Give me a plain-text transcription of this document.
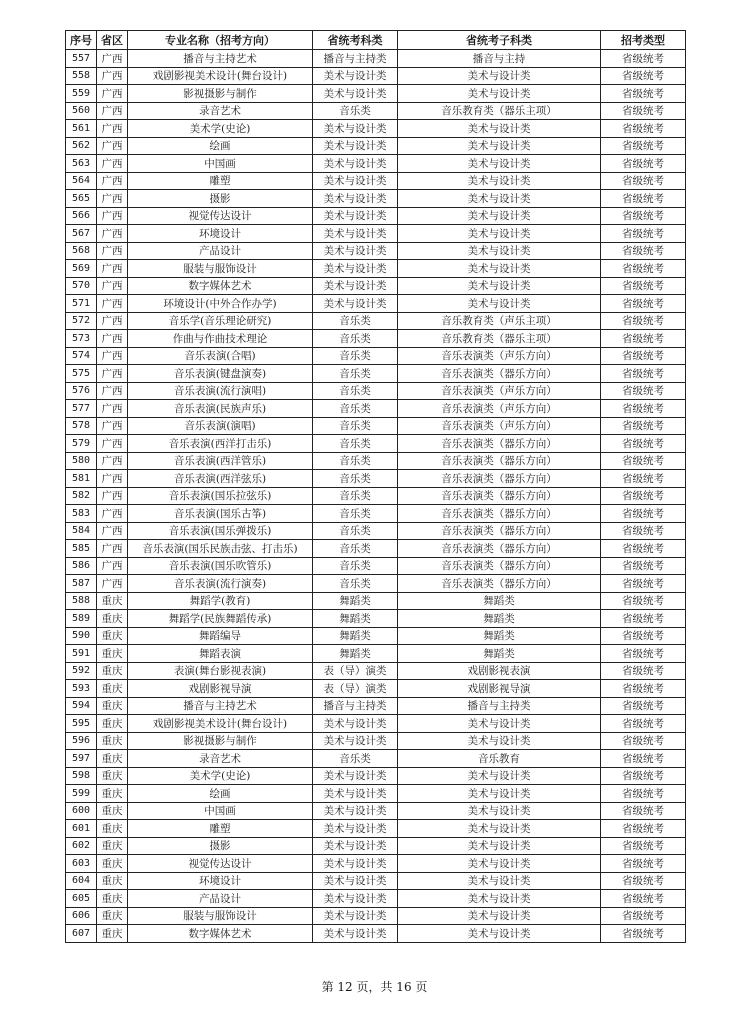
序号	省区	专业名称（招考方向）	省统考科类	省统考子科类	招考类型
557	广西	播音与主持艺术	播音与主持类	播音与主持	省级统考
558	广西	戏剧影视美术设计(舞台设计)	美术与设计类	美术与设计类	省级统考
559	广西	影视摄影与制作	美术与设计类	美术与设计类	省级统考
560	广西	录音艺术	音乐类	音乐教育类（器乐主项）	省级统考
561	广西	美术学(史论)	美术与设计类	美术与设计类	省级统考
562	广西	绘画	美术与设计类	美术与设计类	省级统考
563	广西	中国画	美术与设计类	美术与设计类	省级统考
564	广西	雕塑	美术与设计类	美术与设计类	省级统考
565	广西	摄影	美术与设计类	美术与设计类	省级统考
566	广西	视觉传达设计	美术与设计类	美术与设计类	省级统考
567	广西	环境设计	美术与设计类	美术与设计类	省级统考
568	广西	产品设计	美术与设计类	美术与设计类	省级统考
569	广西	服装与服饰设计	美术与设计类	美术与设计类	省级统考
570	广西	数字媒体艺术	美术与设计类	美术与设计类	省级统考
571	广西	环境设计(中外合作办学)	美术与设计类	美术与设计类	省级统考
572	广西	音乐学(音乐理论研究)	音乐类	音乐教育类（声乐主项）	省级统考
573	广西	作曲与作曲技术理论	音乐类	音乐教育类（器乐主项）	省级统考
574	广西	音乐表演(合唱)	音乐类	音乐表演类（声乐方向）	省级统考
575	广西	音乐表演(键盘演奏)	音乐类	音乐表演类（器乐方向）	省级统考
576	广西	音乐表演(流行演唱)	音乐类	音乐表演类（声乐方向）	省级统考
577	广西	音乐表演(民族声乐)	音乐类	音乐表演类（声乐方向）	省级统考
578	广西	音乐表演(演唱)	音乐类	音乐表演类（声乐方向）	省级统考
579	广西	音乐表演(西洋打击乐)	音乐类	音乐表演类（器乐方向）	省级统考
580	广西	音乐表演(西洋管乐)	音乐类	音乐表演类（器乐方向）	省级统考
581	广西	音乐表演(西洋弦乐)	音乐类	音乐表演类（器乐方向）	省级统考
582	广西	音乐表演(国乐拉弦乐)	音乐类	音乐表演类（器乐方向）	省级统考
583	广西	音乐表演(国乐古筝)	音乐类	音乐表演类（器乐方向）	省级统考
584	广西	音乐表演(国乐弹拨乐)	音乐类	音乐表演类（器乐方向）	省级统考
585	广西	音乐表演(国乐民族击弦、打击乐)	音乐类	音乐表演类（器乐方向）	省级统考
586	广西	音乐表演(国乐吹管乐)	音乐类	音乐表演类（器乐方向）	省级统考
587	广西	音乐表演(流行演奏)	音乐类	音乐表演类（器乐方向）	省级统考
588	重庆	舞蹈学(教育)	舞蹈类	舞蹈类	省级统考
589	重庆	舞蹈学(民族舞蹈传承)	舞蹈类	舞蹈类	省级统考
590	重庆	舞蹈编导	舞蹈类	舞蹈类	省级统考
591	重庆	舞蹈表演	舞蹈类	舞蹈类	省级统考
592	重庆	表演(舞台影视表演)	表（导）演类	戏剧影视表演	省级统考
593	重庆	戏剧影视导演	表（导）演类	戏剧影视导演	省级统考
594	重庆	播音与主持艺术	播音与主持类	播音与主持类	省级统考
595	重庆	戏剧影视美术设计(舞台设计)	美术与设计类	美术与设计类	省级统考
596	重庆	影视摄影与制作	美术与设计类	美术与设计类	省级统考
597	重庆	录音艺术	音乐类	音乐教育	省级统考
598	重庆	美术学(史论)	美术与设计类	美术与设计类	省级统考
599	重庆	绘画	美术与设计类	美术与设计类	省级统考
600	重庆	中国画	美术与设计类	美术与设计类	省级统考
601	重庆	雕塑	美术与设计类	美术与设计类	省级统考
602	重庆	摄影	美术与设计类	美术与设计类	省级统考
603	重庆	视觉传达设计	美术与设计类	美术与设计类	省级统考
604	重庆	环境设计	美术与设计类	美术与设计类	省级统考
605	重庆	产品设计	美术与设计类	美术与设计类	省级统考
606	重庆	服装与服饰设计	美术与设计类	美术与设计类	省级统考
607	重庆	数字媒体艺术	美术与设计类	美术与设计类	省级统考
第 12 页，共 16 页
